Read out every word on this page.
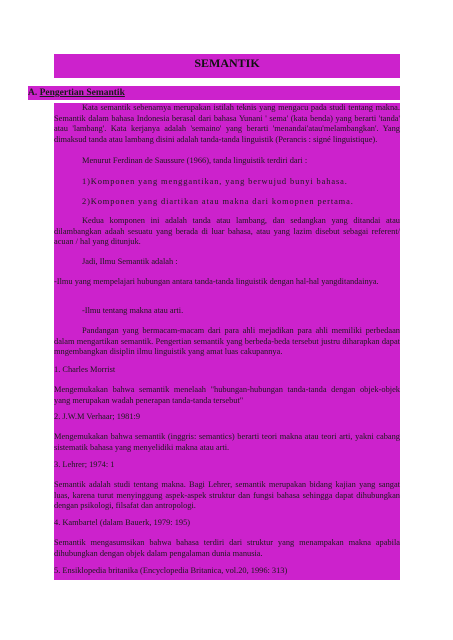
SEMANTIK
A. Pengertian Semantik

Kata semantik sebenarnya merupakan istilah teknis yang mengacu pada studi tentang makna. Semantik dalam bahasa Indonesia berasal dari bahasa Yunani ' sema' (kata benda) yang berarti 'tanda' atau 'lambang'. Kata kerjanya adalah 'semaino' yang berarti 'menandai'atau'melambangkan'. Yang dimaksud tanda atau lambang disini adalah tanda-tanda linguistik (Perancis : signé linguistique).

Menurut Ferdinan de Saussure (1966), tanda linguistik terdiri dari :

1)Komponen yang menggantikan, yang berwujud bunyi bahasa.

2)Komponen yang diartikan atau makna dari komopnen pertama.

Kedua komponen ini adalah tanda atau lambang, dan sedangkan yang ditandai atau dilambangkan adaah sesuatu yang berada di luar bahasa, atau yang lazim disebut sebagai referent/ acuan / hal yang ditunjuk.

Jadi, Ilmu Semantik adalah :

-Ilmu yang mempelajari hubungan antara tanda-tanda linguistik dengan hal-hal yangditandainya.

-Ilmu tentang makna atau arti.

Pandangan yang bermacam-macam dari para ahli mejadikan para ahli memiliki perbedaan dalam mengartikan semantik. Pengertian semantik yang berbeda-beda tersebut justru diharapkan dapat mngembangkan disiplin ilmu linguistik yang amat luas cakupannya.

1. Charles Morrist

Mengemukakan bahwa semantik menelaah "hubungan-hubungan tanda-tanda dengan objek-objek yang merupakan wadah penerapan tanda-tanda tersebut"

2. J.W.M Verhaar; 1981:9

Mengemukakan bahwa semantik (inggris: semantics) berarti teori makna atau teori arti, yakni cabang sistematik bahasa yang menyelidiki makna atau arti.

3. Lehrer; 1974: 1

Semantik adalah studi tentang makna. Bagi Lehrer, semantik merupakan bidang kajian yang sangat luas, karena turut menyinggung aspek-aspek struktur dan fungsi bahasa sehingga dapat dihubungkan dengan psikologi, filsafat dan antropologi.

4. Kambartel (dalam Bauerk, 1979: 195)

Semantik mengasumsikan bahwa bahasa terdiri dari struktur yang menampakan makna apabila dihubungkan dengan objek dalam pengalaman dunia manusia.

5. Ensiklopedia britanika (Encyclopedia Britanica, vol.20, 1996: 313)
